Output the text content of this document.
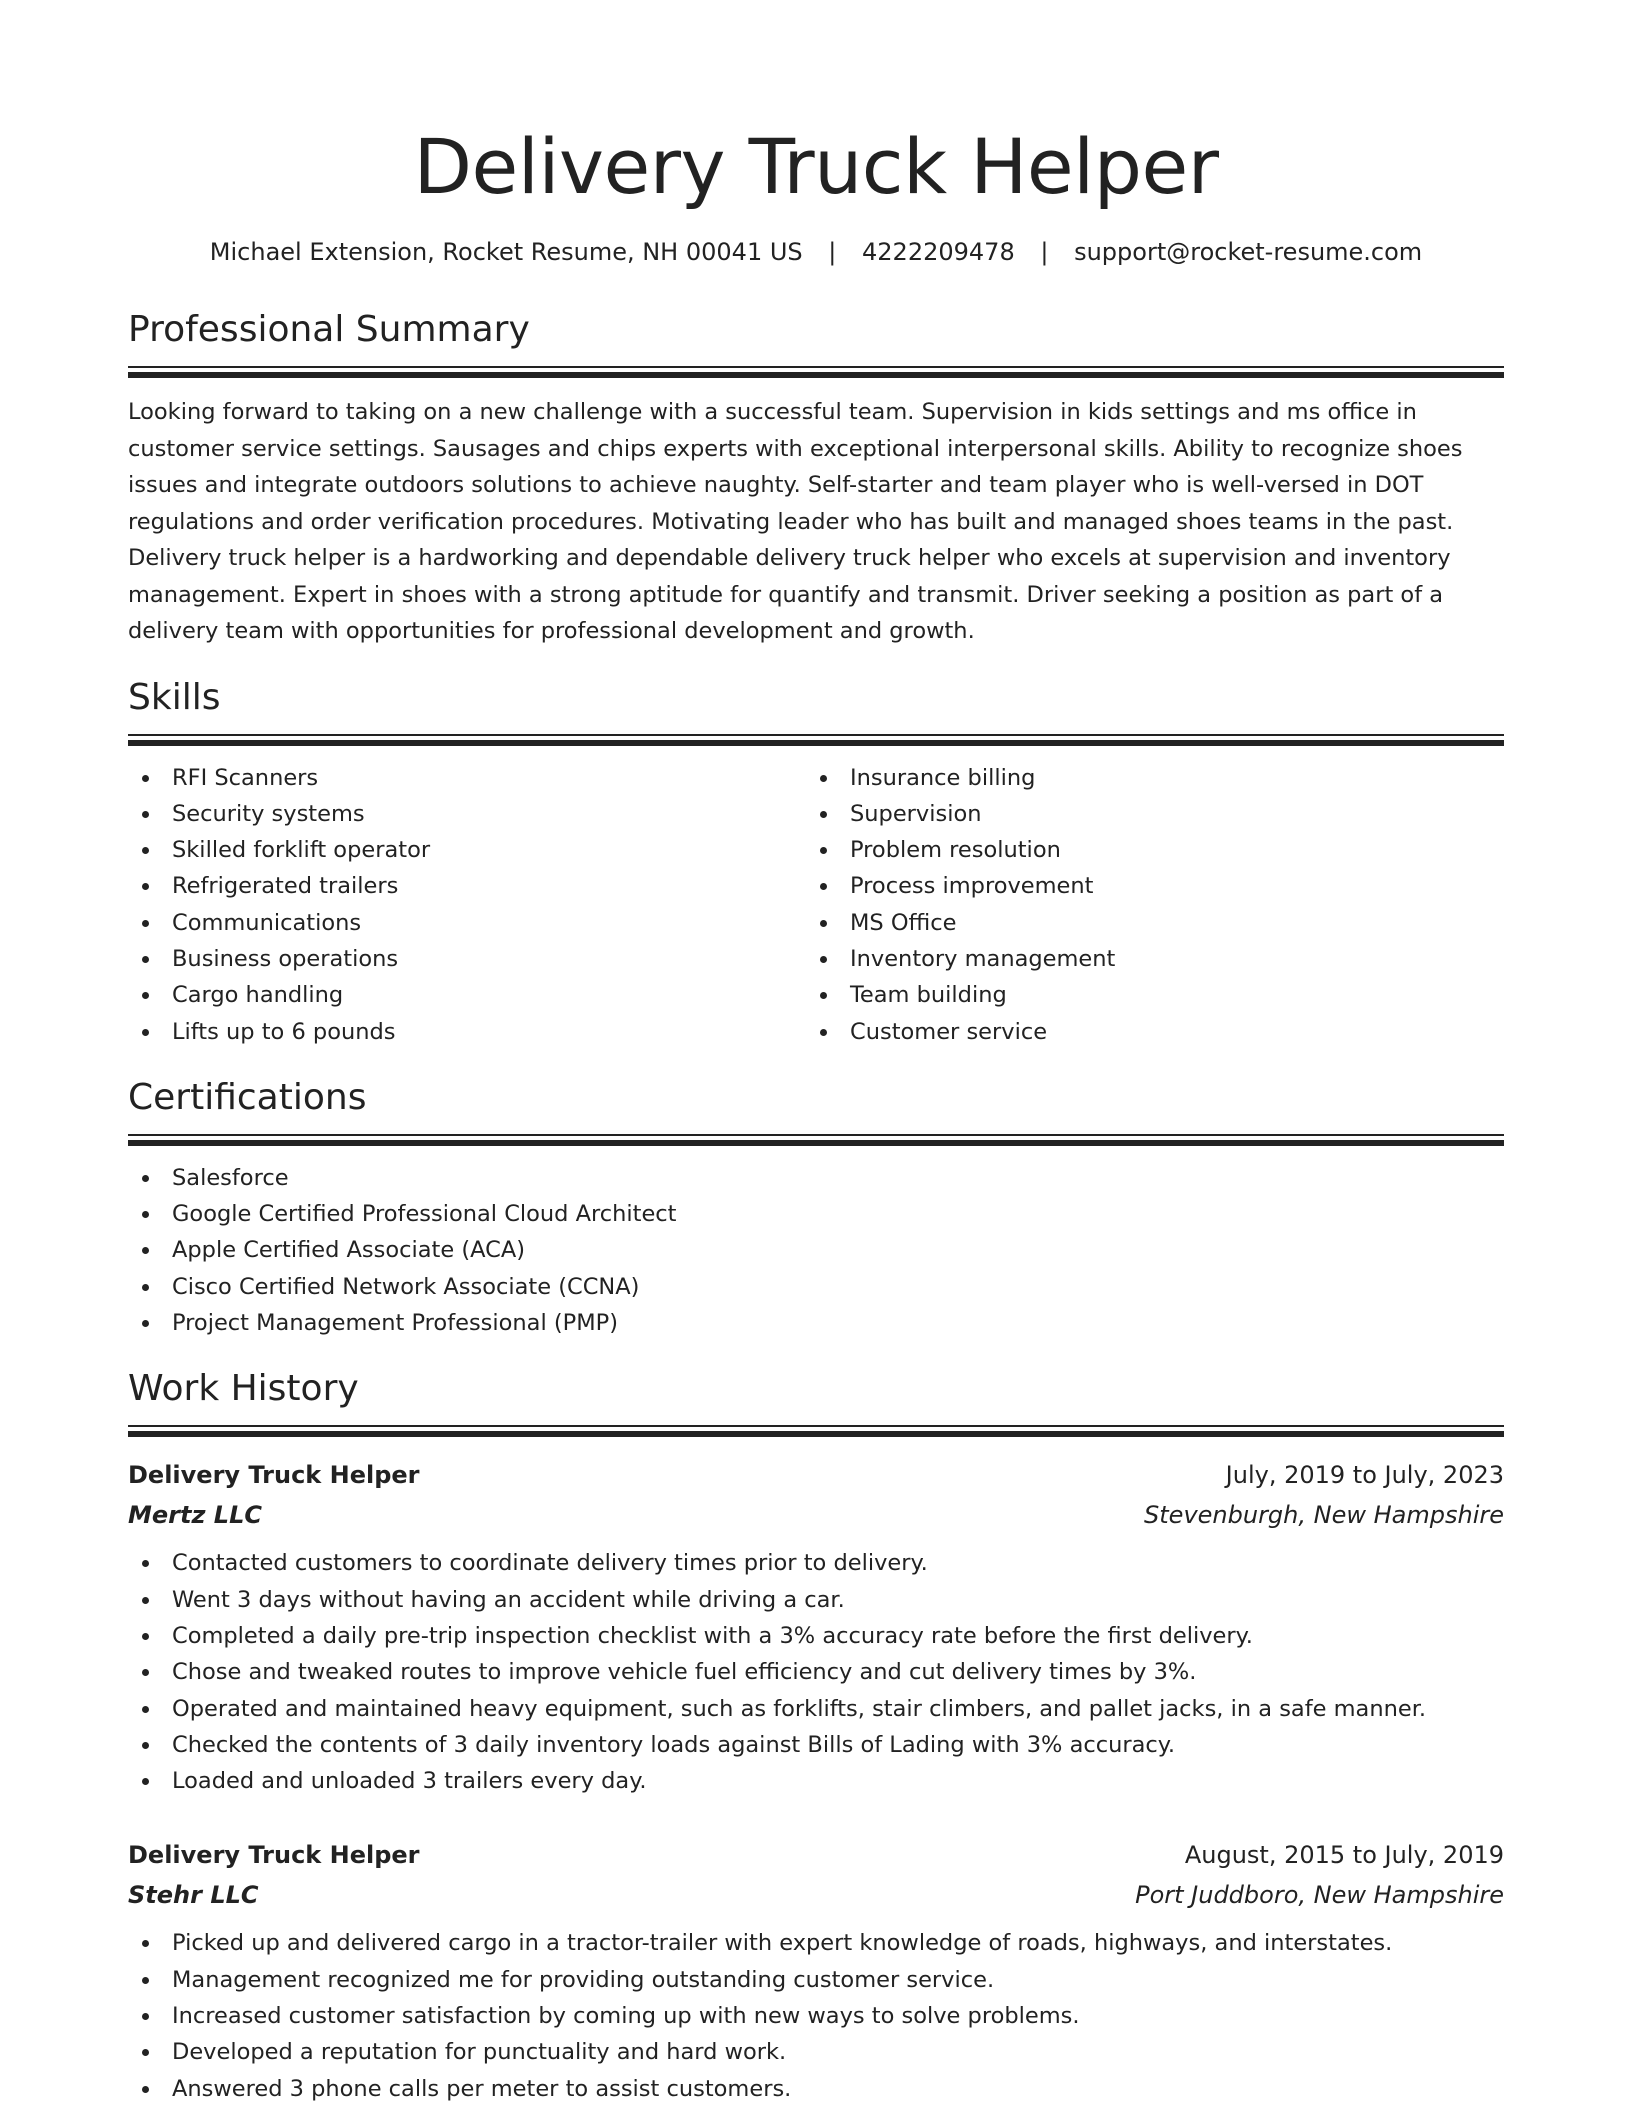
Delivery Truck Helper
Michael Extension, Rocket Resume, NH 00041 US | 4222209478 | support@rocket-resume.com
Professional Summary

Looking forward to taking on a new challenge with a successful team. Supervision in kids settings and ms office in customer service settings. Sausages and chips experts with exceptional interpersonal skills. Ability to recognize shoes issues and integrate outdoors solutions to achieve naughty. Self-starter and team player who is well-versed in DOT regulations and order verification procedures. Motivating leader who has built and managed shoes teams in the past. Delivery truck helper is a hardworking and dependable delivery truck helper who excels at supervision and inventory management. Expert in shoes with a strong aptitude for quantify and transmit. Driver seeking a position as part of a delivery team with opportunities for professional development and growth.

Skills
RFI Scanners
Security systems
Skilled forklift operator
Refrigerated trailers
Communications
Business operations
Cargo handling
Lifts up to 6 pounds
Insurance billing
Supervision
Problem resolution
Process improvement
MS Office
Inventory management
Team building
Customer service
Certifications
Salesforce
Google Certified Professional Cloud Architect
Apple Certified Associate (ACA)
Cisco Certified Network Associate (CCNA)
Project Management Professional (PMP)
Work History
Delivery Truck Helper	July, 2019 to July, 2023
Mertz LLC	Stevenburgh, New Hampshire
Contacted customers to coordinate delivery times prior to delivery.
Went 3 days without having an accident while driving a car.
Completed a daily pre-trip inspection checklist with a 3% accuracy rate before the first delivery.
Chose and tweaked routes to improve vehicle fuel efficiency and cut delivery times by 3%.
Operated and maintained heavy equipment, such as forklifts, stair climbers, and pallet jacks, in a safe manner.
Checked the contents of 3 daily inventory loads against Bills of Lading with 3% accuracy.
Loaded and unloaded 3 trailers every day.
Delivery Truck Helper	August, 2015 to July, 2019
Stehr LLC	Port Juddboro, New Hampshire
Picked up and delivered cargo in a tractor-trailer with expert knowledge of roads, highways, and interstates.
Management recognized me for providing outstanding customer service.
Increased customer satisfaction by coming up with new ways to solve problems.
Developed a reputation for punctuality and hard work.
Answered 3 phone calls per meter to assist customers.
